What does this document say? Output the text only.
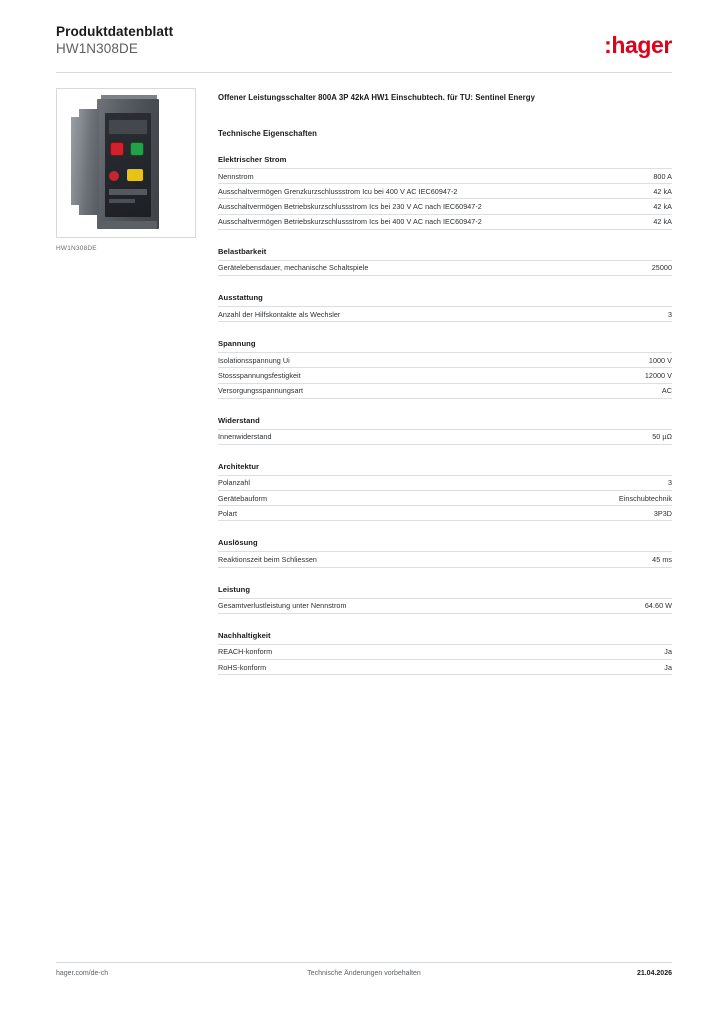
Produktdatenblatt
HW1N308DE	:hager
HW1N308DE
Offener Leistungsschalter 800A 3P 42kA HW1 Einschubtech. für TU: Sentinel Energy
Technische Eigenschaften
Elektrischer Strom
Nennstrom	800 A
Ausschaltvermögen Grenzkurzschlussstrom Icu bei 400 V AC IEC60947-2	42 kA
Ausschaltvermögen Betriebskurzschlussstrom Ics bei 230 V AC nach IEC60947-2	42 kA
Ausschaltvermögen Betriebskurzschlussstrom Ics bei 400 V AC nach IEC60947-2	42 kA
Belastbarkeit
Gerätelebensdauer, mechanische Schaltspiele	25000
Ausstattung
Anzahl der Hilfskontakte als Wechsler	3
Spannung
Isolationsspannung Ui	1000 V
Stossspannungsfestigkeit	12000 V
Versorgungsspannungsart	AC
Widerstand
Innenwiderstand	50 µΩ
Architektur
Polanzahl	3
Gerätebauform	Einschubtechnik
Polart	3P3D
Auslösung
Reaktionszeit beim Schliessen	45 ms
Leistung
Gesamtverlustleistung unter Nennstrom	64.60 W
Nachhaltigkeit
REACH-konform	Ja
RoHS-konform	Ja
hager.com/de-ch	Technische Änderungen vorbehalten	21.04.2026
